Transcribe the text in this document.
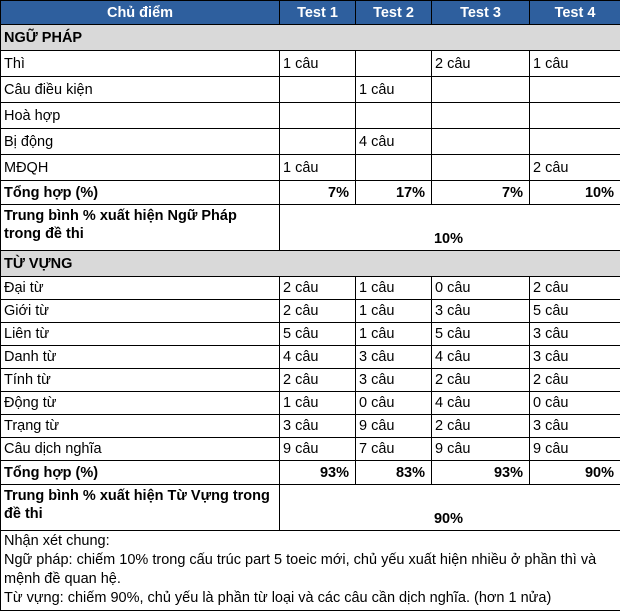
Chủ điểm	Test 1	Test 2	Test 3	Test 4
NGỮ PHÁP				
Thì	1 câu		2 câu	1 câu
Câu điều kiện		1 câu		
Hoà hợp				
Bị động		4 câu		
MĐQH	1 câu			2 câu
Tổng hợp (%)	7%	17%	7%	10%
Trung bình % xuất hiện Ngữ Pháp trong đề thi	10%			
TỪ VỰNG				
Đại từ	2 câu	1 câu	0 câu	2 câu
Giới từ	2 câu	1 câu	3 câu	5 câu
Liên từ	5 câu	1 câu	5 câu	3 câu
Danh từ	4 câu	3 câu	4 câu	3 câu
Tính từ	2 câu	3 câu	2 câu	2 câu
Động từ	1 câu	0 câu	4 câu	0 câu
Trạng từ	3 câu	9 câu	2 câu	3 câu
Câu dịch nghĩa	9 câu	7 câu	9 câu	9 câu
Tổng hợp (%)	93%	83%	93%	90%
Trung bình % xuất hiện Từ Vựng trong đề thi	90%			

Nhận xét chung:
Ngữ pháp: chiếm 10% trong cấu trúc part 5 toeic mới, chủ yếu xuất hiện nhiều ở phần thì và mệnh đề quan hệ.
Từ vựng: chiếm 90%, chủ yếu là phần từ loại và các câu cần dịch nghĩa. (hơn 1 nửa)				
